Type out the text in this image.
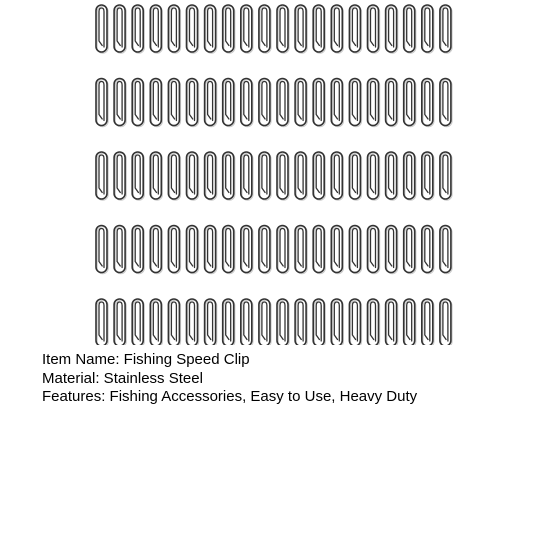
Item Name: Fishing Speed Clip
Material: Stainless Steel
Features: Fishing Accessories, Easy to Use, Heavy Duty
